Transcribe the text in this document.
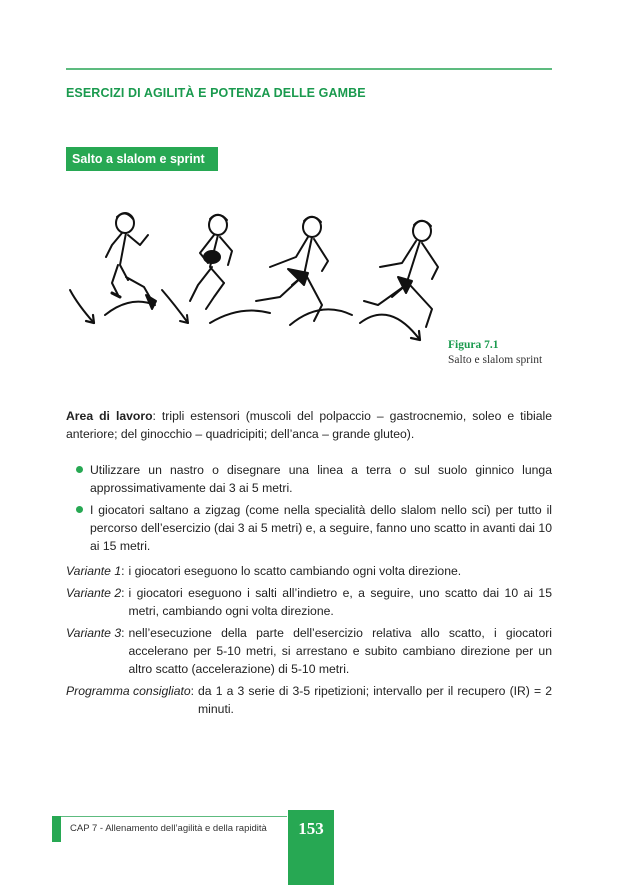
ESERCIZI DI AGILITÀ E POTENZA DELLE GAMBE
Salto a slalom e sprint
Figura 7.1
Salto e slalom sprint
Area di lavoro: tripli estensori (muscoli del polpaccio – gastrocnemio, soleo e tibiale anteriore; del ginocchio – quadricipiti; dell’anca – grande gluteo).
Utilizzare un nastro o disegnare una linea a terra o sul suolo ginnico lunga approssimativamente dai 3 ai 5 metri.
I giocatori saltano a zigzag (come nella specialità dello slalom nello sci) per tutto il percorso dell’esercizio (dai 3 ai 5 metri) e, a seguire, fanno uno scatto in avanti dai 10 ai 15 metri.
Variante 1 : i giocatori eseguono lo scatto cambiando ogni volta direzione.
Variante 2 : i giocatori eseguono i salti all’indietro e, a seguire, uno scatto dai 10 ai 15 metri, cambiando ogni volta direzione.
Variante 3 : nell’esecuzione della parte dell’esercizio relativa allo scatto, i giocatori accelerano per 5-10 metri, si arrestano e subito cambiano direzione per un altro scatto (accelerazione) di 5-10 metri.
Programma consigliato : da 1 a 3 serie di 3-5 ripetizioni; intervallo per il recupero (IR) = 2 minuti.
CAP 7 - Allenamento dell’agilità e della rapidità	153
